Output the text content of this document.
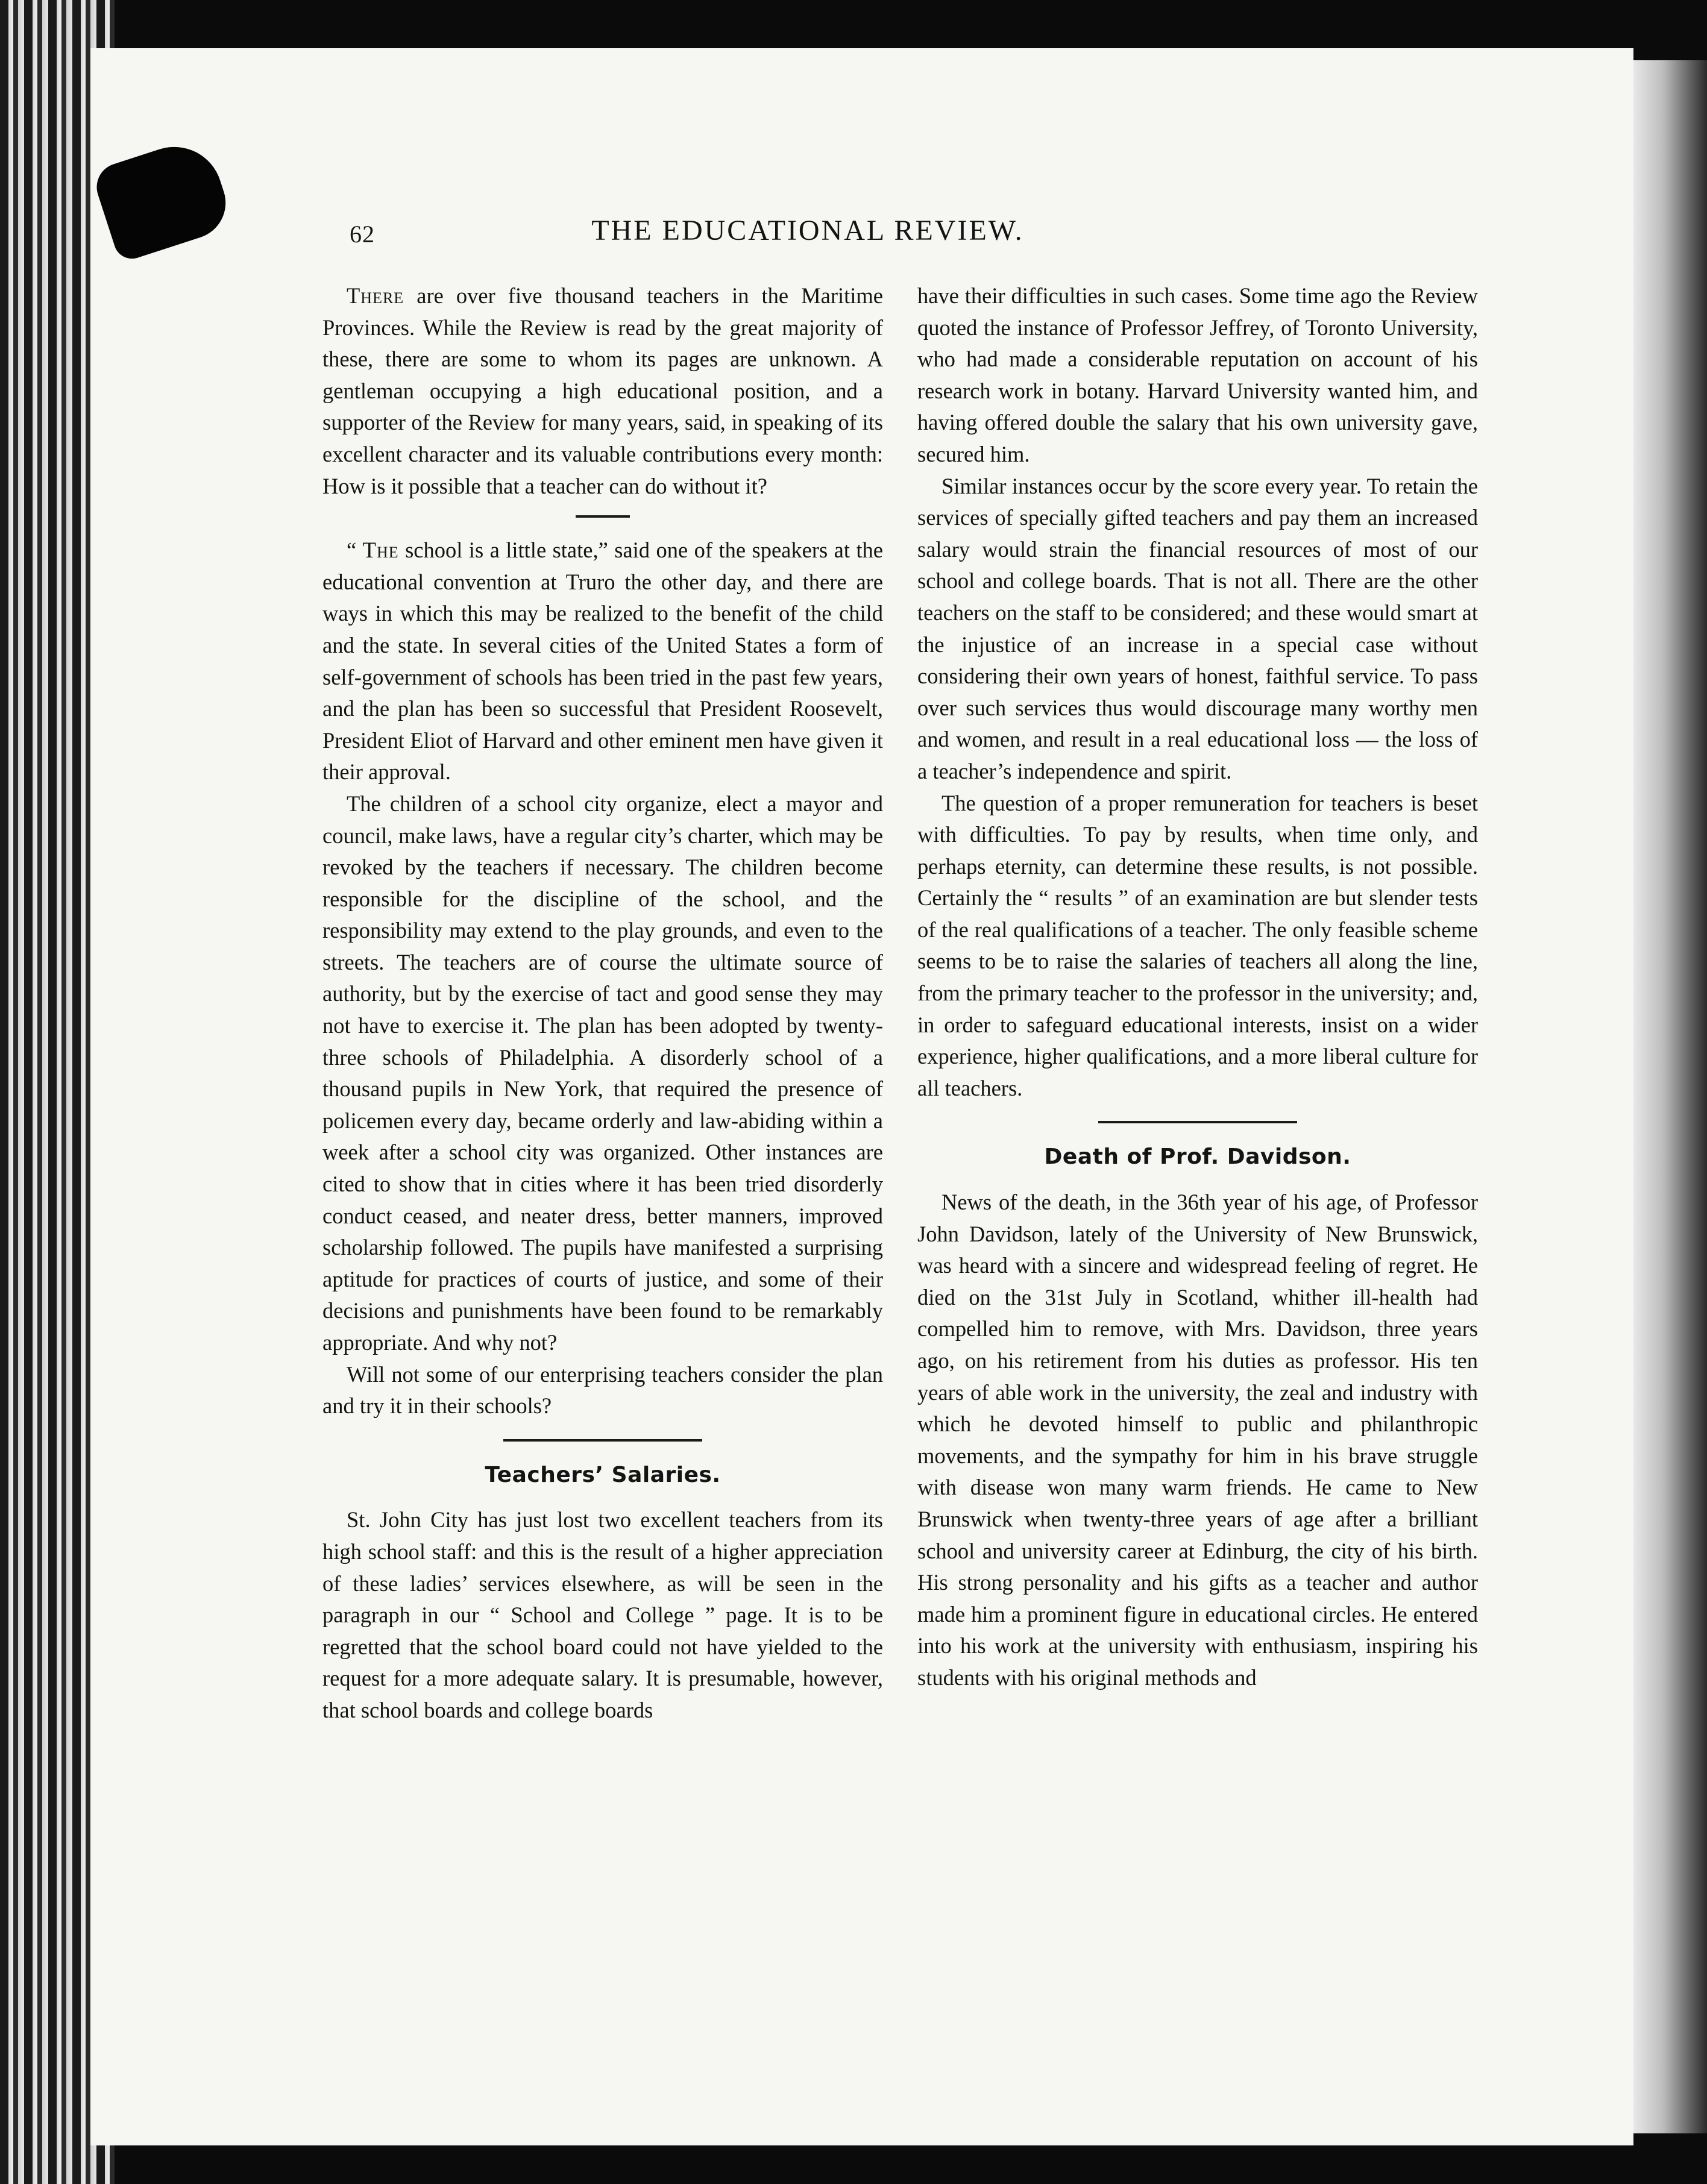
62	THE EDUCATIONAL REVIEW.

There are over five thousand teachers in the Maritime Provinces. While the Review is read by the great majority of these, there are some to whom its pages are unknown. A gentleman occupying a high educational position, and a supporter of the Review for many years, said, in speaking of its excellent character and its valuable contributions every month: How is it possible that a teacher can do without it?

“ The school is a little state,” said one of the speakers at the educational convention at Truro the other day, and there are ways in which this may be realized to the benefit of the child and the state. In several cities of the United States a form of self-government of schools has been tried in the past few years, and the plan has been so successful that President Roosevelt, President Eliot of Harvard and other eminent men have given it their approval.

The children of a school city organize, elect a mayor and council, make laws, have a regular city’s charter, which may be revoked by the teachers if necessary. The children become responsible for the discipline of the school, and the responsibility may extend to the play grounds, and even to the streets. The teachers are of course the ultimate source of authority, but by the exercise of tact and good sense they may not have to exercise it. The plan has been adopted by twenty-three schools of Philadelphia. A disorderly school of a thousand pupils in New York, that required the presence of policemen every day, became orderly and law-abiding within a week after a school city was organized. Other instances are cited to show that in cities where it has been tried disorderly conduct ceased, and neater dress, better manners, improved scholarship followed. The pupils have manifested a surprising aptitude for practices of courts of justice, and some of their decisions and punishments have been found to be remarkably appropriate. And why not?

Will not some of our enterprising teachers consider the plan and try it in their schools?

Teachers’ Salaries.

St. John City has just lost two excellent teachers from its high school staff: and this is the result of a higher appreciation of these ladies’ services elsewhere, as will be seen in the paragraph in our “ School and College ” page. It is to be regretted that the school board could not have yielded to the request for a more adequate salary. It is presumable, however, that school boards and college boards

have their difficulties in such cases. Some time ago the Review quoted the instance of Professor Jeffrey, of Toronto University, who had made a considerable reputation on account of his research work in botany. Harvard University wanted him, and having offered double the salary that his own university gave, secured him.

Similar instances occur by the score every year. To retain the services of specially gifted teachers and pay them an increased salary would strain the financial resources of most of our school and college boards. That is not all. There are the other teachers on the staff to be considered; and these would smart at the injustice of an increase in a special case without considering their own years of honest, faithful service. To pass over such services thus would discourage many worthy men and women, and result in a real educational loss — the loss of a teacher’s independence and spirit.

The question of a proper remuneration for teachers is beset with difficulties. To pay by results, when time only, and perhaps eternity, can determine these results, is not possible. Certainly the “ results ” of an examination are but slender tests of the real qualifications of a teacher. The only feasible scheme seems to be to raise the salaries of teachers all along the line, from the primary teacher to the professor in the university; and, in order to safeguard educational interests, insist on a wider experience, higher qualifications, and a more liberal culture for all teachers.

Death of Prof. Davidson.

News of the death, in the 36th year of his age, of Professor John Davidson, lately of the University of New Brunswick, was heard with a sincere and widespread feeling of regret. He died on the 31st July in Scotland, whither ill-health had compelled him to remove, with Mrs. Davidson, three years ago, on his retirement from his duties as professor. His ten years of able work in the university, the zeal and industry with which he devoted himself to public and philanthropic movements, and the sympathy for him in his brave struggle with disease won many warm friends. He came to New Brunswick when twenty-three years of age after a brilliant school and university career at Edinburg, the city of his birth. His strong personality and his gifts as a teacher and author made him a prominent figure in educational circles. He entered into his work at the university with enthusiasm, inspiring his students with his original methods and
